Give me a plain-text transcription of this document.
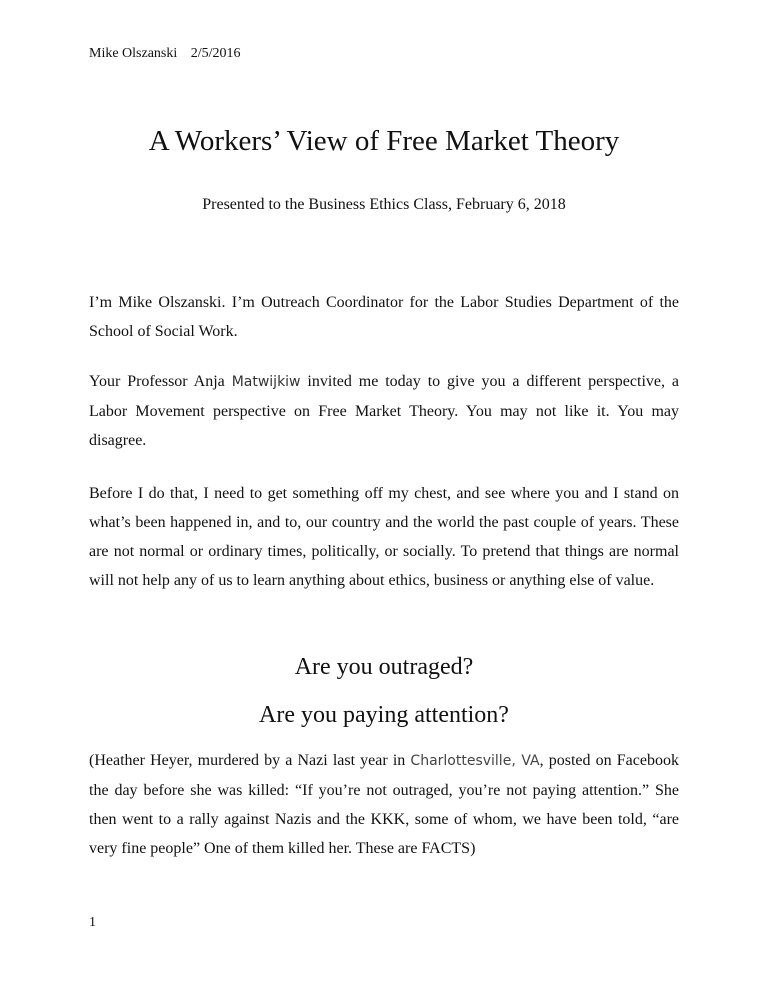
Mike Olszanski 2/5/2016
A Workers’ View of Free Market Theory
Presented to the Business Ethics Class, February 6, 2018
I’m Mike Olszanski. I’m Outreach Coordinator for the Labor Studies Department of the School of Social Work.
Your Professor Anja Matwijkiw invited me today to give you a different perspective, a Labor Movement perspective on Free Market Theory. You may not like it. You may disagree.
Before I do that, I need to get something off my chest, and see where you and I stand on what’s been happened in, and to, our country and the world the past couple of years. These are not normal or ordinary times, politically, or socially. To pretend that things are normal will not help any of us to learn anything about ethics, business or anything else of value.
Are you outraged?
Are you paying attention?
(Heather Heyer, murdered by a Nazi last year in Charlottesville, VA, posted on Facebook the day before she was killed: “If you’re not outraged, you’re not paying attention.” She then went to a rally against Nazis and the KKK, some of whom, we have been told, “are very fine people” One of them killed her. These are FACTS)
1
